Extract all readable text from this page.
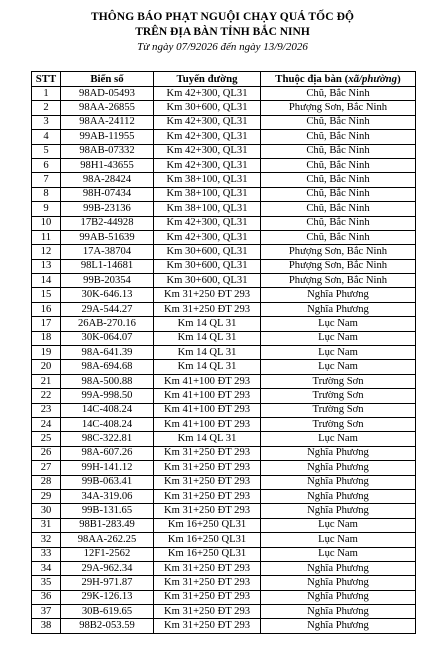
THÔNG BÁO PHẠT NGUỘI CHẠY QUÁ TỐC ĐỘ
TRÊN ĐỊA BÀN TỈNH BẮC NINH
Từ ngày 07/92026 đến ngày 13/9/2026
STT	Biển số	Tuyến đường	Thuộc địa bàn (xã/phường)
1	98AD-05493	Km 42+300, QL31	Chũ, Bắc Ninh
2	98AA-26855	Km 30+600, QL31	Phượng Sơn, Bắc Ninh
3	98AA-24112	Km 42+300, QL31	Chũ, Bắc Ninh
4	99AB-11955	Km 42+300, QL31	Chũ, Bắc Ninh
5	98AB-07332	Km 42+300, QL31	Chũ, Bắc Ninh
6	98H1-43655	Km 42+300, QL31	Chũ, Bắc Ninh
7	98A-28424	Km 38+100, QL31	Chũ, Bắc Ninh
8	98H-07434	Km 38+100, QL31	Chũ, Bắc Ninh
9	99B-23136	Km 38+100, QL31	Chũ, Bắc Ninh
10	17B2-44928	Km 42+300, QL31	Chũ, Bắc Ninh
11	99AB-51639	Km 42+300, QL31	Chũ, Bắc Ninh
12	17A-38704	Km 30+600, QL31	Phượng Sơn, Bắc Ninh
13	98L1-14681	Km 30+600, QL31	Phượng Sơn, Bắc Ninh
14	99B-20354	Km 30+600, QL31	Phượng Sơn, Bắc Ninh
15	30K-646.13	Km 31+250 ĐT 293	Nghĩa Phương
16	29A-544.27	Km 31+250 ĐT 293	Nghĩa Phương
17	26AB-270.16	Km 14 QL 31	Lục Nam
18	30K-064.07	Km 14 QL 31	Lục Nam
19	98A-641.39	Km 14 QL 31	Lục Nam
20	98A-694.68	Km 14 QL 31	Lục Nam
21	98A-500.88	Km 41+100 ĐT 293	Trường Sơn
22	99A-998.50	Km 41+100 ĐT 293	Trường Sơn
23	14C-408.24	Km 41+100 ĐT 293	Trường Sơn
24	14C-408.24	Km 41+100 ĐT 293	Trường Sơn
25	98C-322.81	Km 14 QL 31	Lục Nam
26	98A-607.26	Km 31+250 ĐT 293	Nghĩa Phương
27	99H-141.12	Km 31+250 ĐT 293	Nghĩa Phương
28	99B-063.41	Km 31+250 ĐT 293	Nghĩa Phương
29	34A-319.06	Km 31+250 ĐT 293	Nghĩa Phương
30	99B-131.65	Km 31+250 ĐT 293	Nghĩa Phương
31	98B1-283.49	Km 16+250 QL31	Lục Nam
32	98AA-262.25	Km 16+250 QL31	Lục Nam
33	12F1-2562	Km 16+250 QL31	Lục Nam
34	29A-962.34	Km 31+250 ĐT 293	Nghĩa Phương
35	29H-971.87	Km 31+250 ĐT 293	Nghĩa Phương
36	29K-126.13	Km 31+250 ĐT 293	Nghĩa Phương
37	30B-619.65	Km 31+250 ĐT 293	Nghĩa Phương
38	98B2-053.59	Km 31+250 ĐT 293	Nghĩa Phương
